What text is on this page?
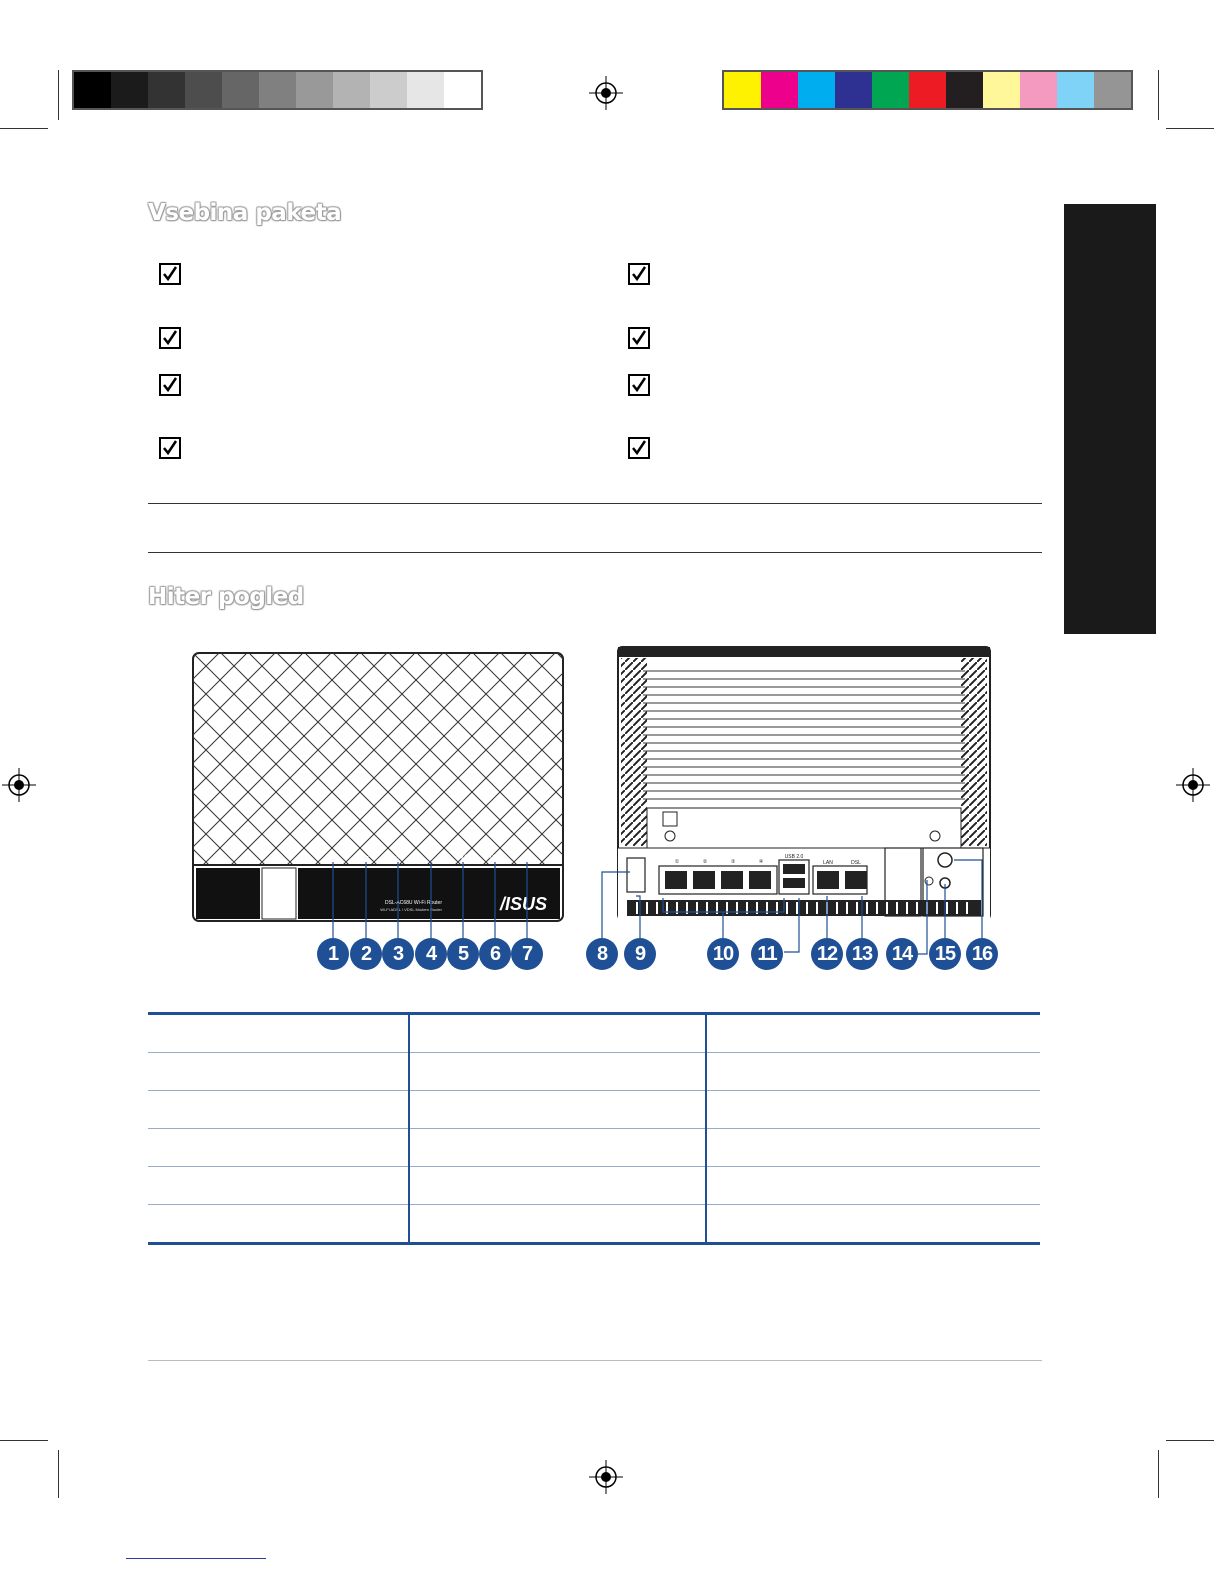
Vsebina paketa
Hiter pogled
DSL-AC68U Wi-Fi Router
Wi-Fi ADSL / VDSL Modem Router	/ISUS
〽	⇆	⌂	⚲	WAN	DSL	⏻
①	②	③	④
USB 2.0
LAN	DSL
1	2	3	4	5	6	7	8	9	10	11	12 13 14 15 16
